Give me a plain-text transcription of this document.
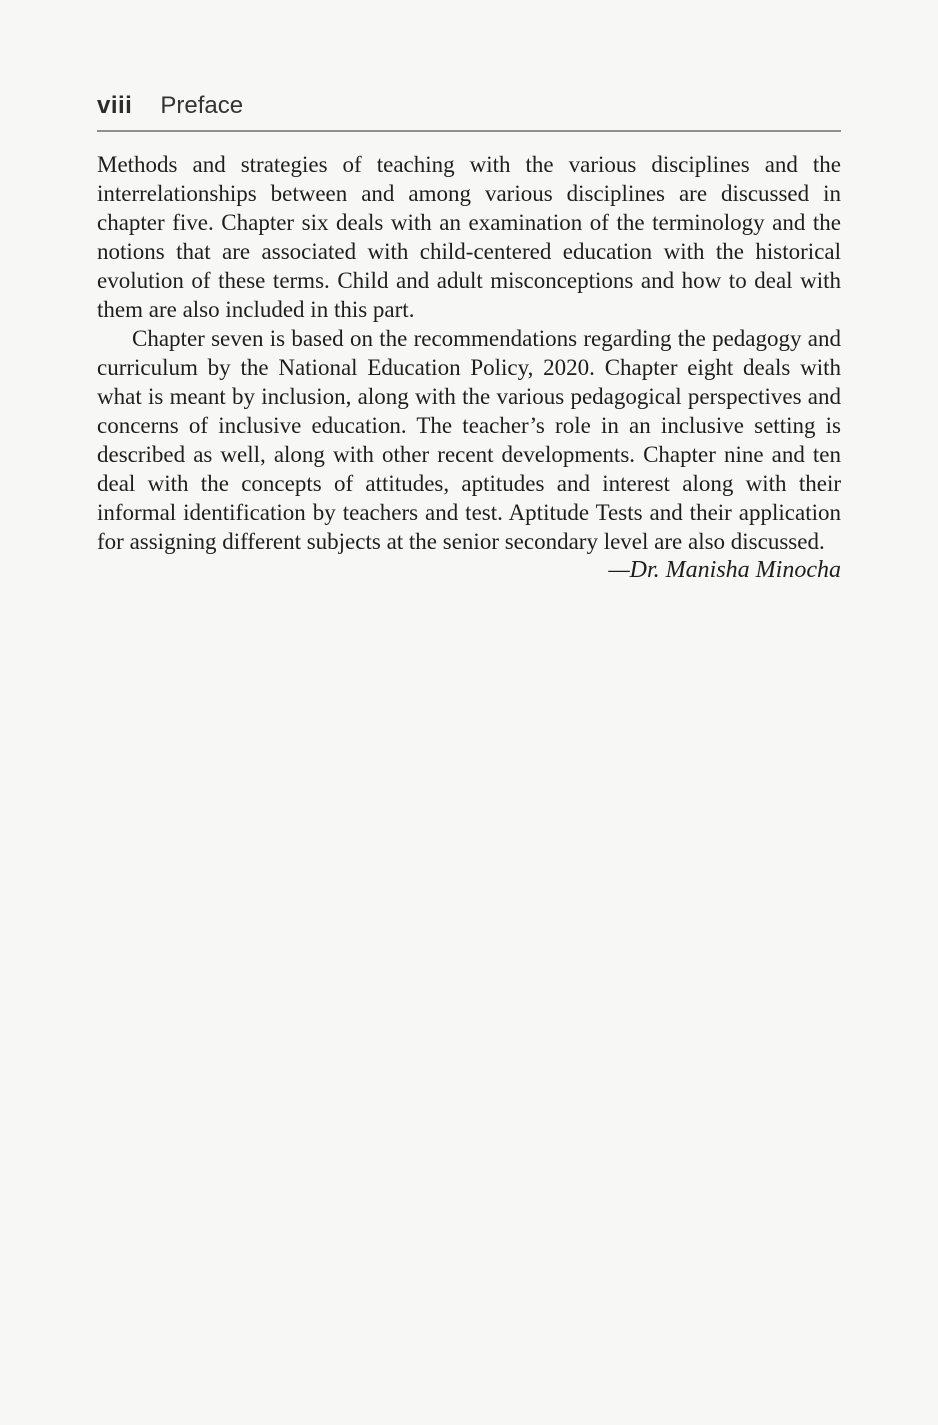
viii Preface

Methods and strategies of teaching with the various disciplines and the interrelationships between and among various disciplines are discussed in chapter five. Chapter six deals with an examination of the terminology and the notions that are associated with child-centered education with the historical evolution of these terms. Child and adult misconceptions and how to deal with them are also included in this part.

Chapter seven is based on the recommendations regarding the pedagogy and curriculum by the National Education Policy, 2020. Chapter eight deals with what is meant by inclusion, along with the various pedagogical perspectives and concerns of inclusive education. The teacher’s role in an inclusive setting is described as well, along with other recent developments. Chapter nine and ten deal with the concepts of attitudes, aptitudes and interest along with their informal identification by teachers and test. Aptitude Tests and their application for assigning different subjects at the senior secondary level are also discussed.

—Dr. Manisha Minocha
